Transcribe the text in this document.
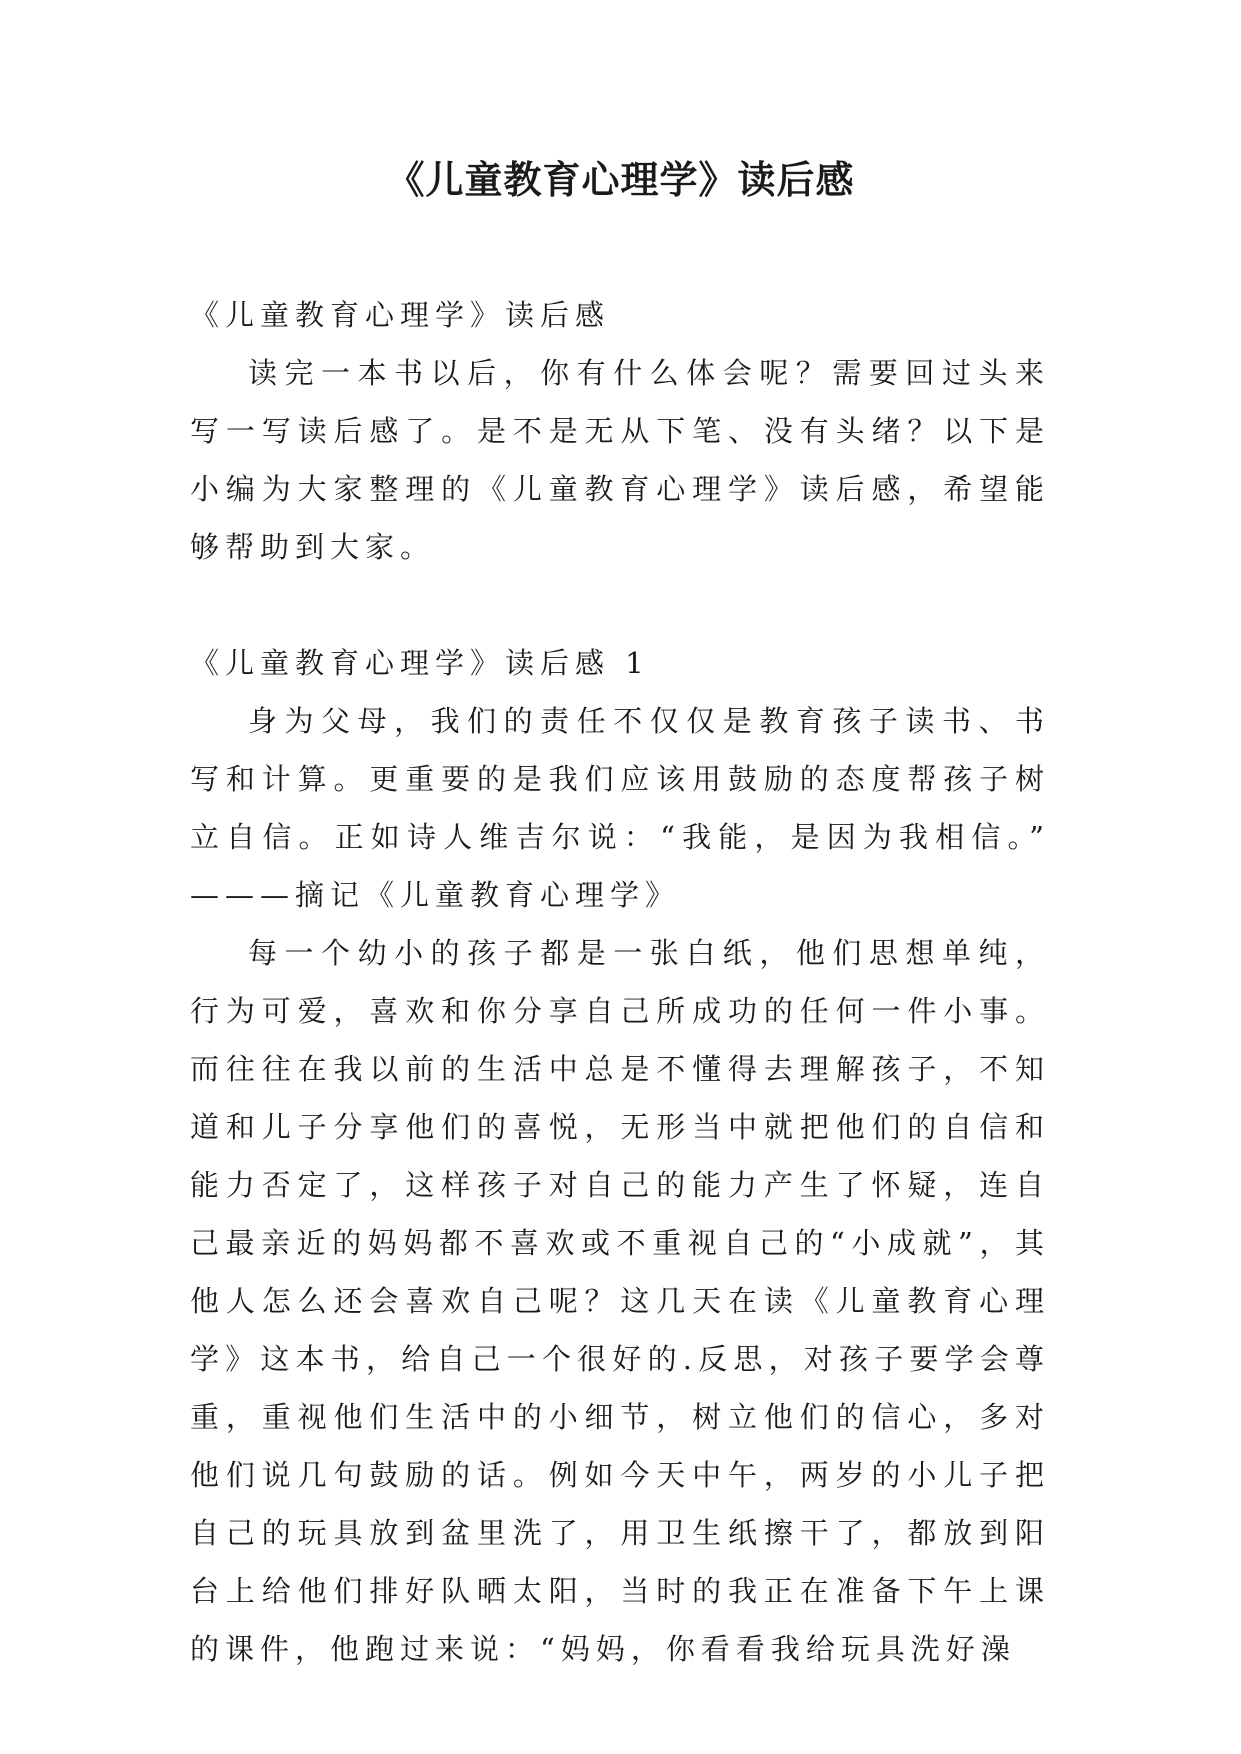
《儿童教育心理学》读后感

《儿童教育心理学》读后感

读完一本书以后，你有什么体会呢？需要回过头来写一写读后感了。是不是无从下笔、没有头绪？以下是小编为大家整理的《儿童教育心理学》读后感，希望能够帮助到大家。

《儿童教育心理学》读后感 1

身为父母，我们的责任不仅仅是教育孩子读书、书写和计算。更重要的是我们应该用鼓励的态度帮孩子树立自信。正如诗人维吉尔说：“我能，是因为我相信。” ———摘记《儿童教育心理学》

每一个幼小的孩子都是一张白纸，他们思想单纯，行为可爱，喜欢和你分享自己所成功的任何一件小事。而往往在我以前的生活中总是不懂得去理解孩子，不知道和儿子分享他们的喜悦，无形当中就把他们的自信和能力否定了，这样孩子对自己的能力产生了怀疑，连自己最亲近的妈妈都不喜欢或不重视自己的“小成就”，其他人怎么还会喜欢自己呢？这几天在读《儿童教育心理学》这本书，给自己一个很好的.反思，对孩子要学会尊重，重视他们生活中的小细节，树立他们的信心，多对他们说几句鼓励的话。例如今天中午，两岁的小儿子把自己的玩具放到盆里洗了，用卫生纸擦干了，都放到阳台上给他们排好队晒太阳，当时的我正在准备下午上课的课件，他跑过来说：“妈妈，你看看我给玩具洗好澡
